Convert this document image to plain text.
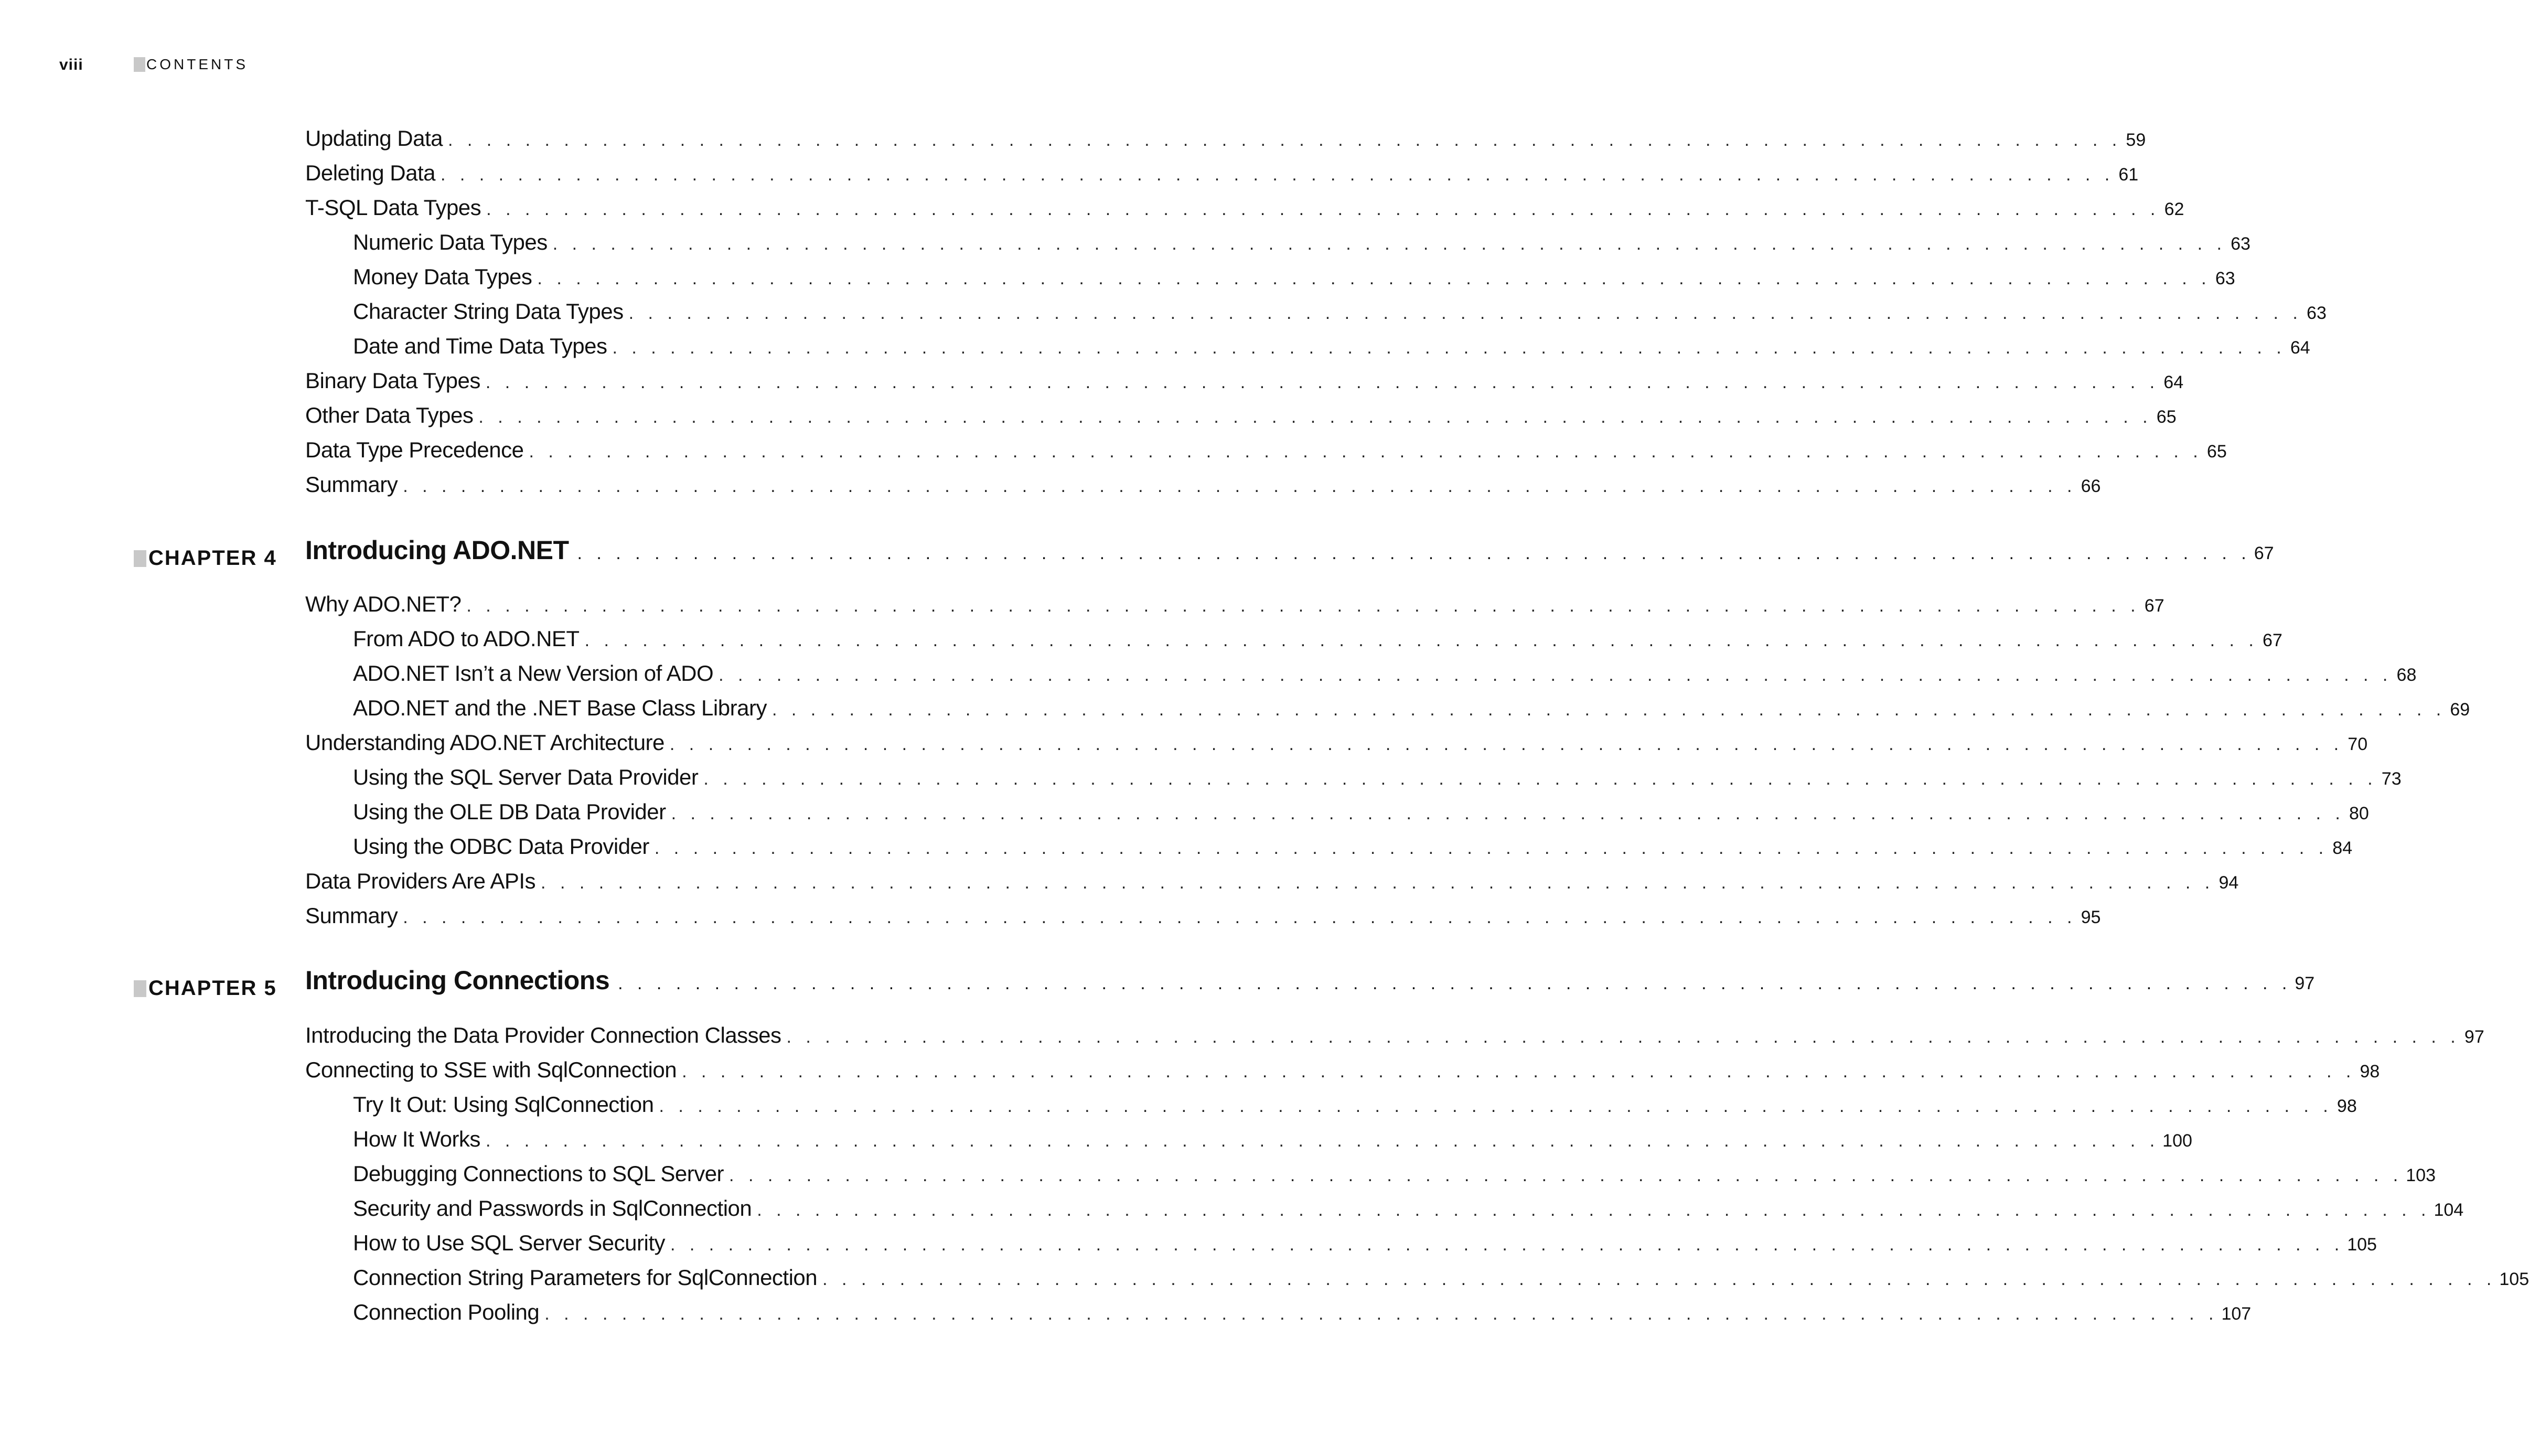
viii	CONTENTS
Updating Data . . . . . . . . . . . . . . . . . . . . . . . . . . . . . . . . . . . . . . . . . . . . . . . . . . . . . . . . . . . . . . . . . . . . . . . . . . . . . . . . . . . . . . . 59
Deleting Data . . . . . . . . . . . . . . . . . . . . . . . . . . . . . . . . . . . . . . . . . . . . . . . . . . . . . . . . . . . . . . . . . . . . . . . . . . . . . . . . . . . . . . . 61
T-SQL Data Types . . . . . . . . . . . . . . . . . . . . . . . . . . . . . . . . . . . . . . . . . . . . . . . . . . . . . . . . . . . . . . . . . . . . . . . . . . . . . . . . . . . . . . . 62
Numeric Data Types . . . . . . . . . . . . . . . . . . . . . . . . . . . . . . . . . . . . . . . . . . . . . . . . . . . . . . . . . . . . . . . . . . . . . . . . . . . . . . . . . . . . . . . 63
Money Data Types . . . . . . . . . . . . . . . . . . . . . . . . . . . . . . . . . . . . . . . . . . . . . . . . . . . . . . . . . . . . . . . . . . . . . . . . . . . . . . . . . . . . . . . 63
Character String Data Types . . . . . . . . . . . . . . . . . . . . . . . . . . . . . . . . . . . . . . . . . . . . . . . . . . . . . . . . . . . . . . . . . . . . . . . . . . . . . . . . . . . . . . . 63
Date and Time Data Types . . . . . . . . . . . . . . . . . . . . . . . . . . . . . . . . . . . . . . . . . . . . . . . . . . . . . . . . . . . . . . . . . . . . . . . . . . . . . . . . . . . . . . . 64
Binary Data Types . . . . . . . . . . . . . . . . . . . . . . . . . . . . . . . . . . . . . . . . . . . . . . . . . . . . . . . . . . . . . . . . . . . . . . . . . . . . . . . . . . . . . . . 64
Other Data Types . . . . . . . . . . . . . . . . . . . . . . . . . . . . . . . . . . . . . . . . . . . . . . . . . . . . . . . . . . . . . . . . . . . . . . . . . . . . . . . . . . . . . . . 65
Data Type Precedence . . . . . . . . . . . . . . . . . . . . . . . . . . . . . . . . . . . . . . . . . . . . . . . . . . . . . . . . . . . . . . . . . . . . . . . . . . . . . . . . . . . . . . . 65
Summary . . . . . . . . . . . . . . . . . . . . . . . . . . . . . . . . . . . . . . . . . . . . . . . . . . . . . . . . . . . . . . . . . . . . . . . . . . . . . . . . . . . . . . . 66
CHAPTER 4 Introducing ADO.NET . . . . . . . . . . . . . . . . . . . . . . . . . . . . . . . . . . . . . . . . . . . . . . . . . . . . . . . . . . . . . . . . . . . . . . . . . . . . . . . . . . . . . . . 67
Why ADO.NET? . . . . . . . . . . . . . . . . . . . . . . . . . . . . . . . . . . . . . . . . . . . . . . . . . . . . . . . . . . . . . . . . . . . . . . . . . . . . . . . . . . . . . . . 67
From ADO to ADO.NET . . . . . . . . . . . . . . . . . . . . . . . . . . . . . . . . . . . . . . . . . . . . . . . . . . . . . . . . . . . . . . . . . . . . . . . . . . . . . . . . . . . . . . . 67
ADO.NET Isn’t a New Version of ADO . . . . . . . . . . . . . . . . . . . . . . . . . . . . . . . . . . . . . . . . . . . . . . . . . . . . . . . . . . . . . . . . . . . . . . . . . . . . . . . . . . . . . . . 68
ADO.NET and the .NET Base Class Library . . . . . . . . . . . . . . . . . . . . . . . . . . . . . . . . . . . . . . . . . . . . . . . . . . . . . . . . . . . . . . . . . . . . . . . . . . . . . . . . . . . . . . . 69
Understanding ADO.NET Architecture . . . . . . . . . . . . . . . . . . . . . . . . . . . . . . . . . . . . . . . . . . . . . . . . . . . . . . . . . . . . . . . . . . . . . . . . . . . . . . . . . . . . . . . 70
Using the SQL Server Data Provider . . . . . . . . . . . . . . . . . . . . . . . . . . . . . . . . . . . . . . . . . . . . . . . . . . . . . . . . . . . . . . . . . . . . . . . . . . . . . . . . . . . . . . . 73
Using the OLE DB Data Provider . . . . . . . . . . . . . . . . . . . . . . . . . . . . . . . . . . . . . . . . . . . . . . . . . . . . . . . . . . . . . . . . . . . . . . . . . . . . . . . . . . . . . . . 80
Using the ODBC Data Provider . . . . . . . . . . . . . . . . . . . . . . . . . . . . . . . . . . . . . . . . . . . . . . . . . . . . . . . . . . . . . . . . . . . . . . . . . . . . . . . . . . . . . . . 84
Data Providers Are APIs . . . . . . . . . . . . . . . . . . . . . . . . . . . . . . . . . . . . . . . . . . . . . . . . . . . . . . . . . . . . . . . . . . . . . . . . . . . . . . . . . . . . . . . 94
Summary . . . . . . . . . . . . . . . . . . . . . . . . . . . . . . . . . . . . . . . . . . . . . . . . . . . . . . . . . . . . . . . . . . . . . . . . . . . . . . . . . . . . . . . 95
CHAPTER 5 Introducing Connections . . . . . . . . . . . . . . . . . . . . . . . . . . . . . . . . . . . . . . . . . . . . . . . . . . . . . . . . . . . . . . . . . . . . . . . . . . . . . . . . . . . . . . . 97
Introducing the Data Provider Connection Classes . . . . . . . . . . . . . . . . . . . . . . . . . . . . . . . . . . . . . . . . . . . . . . . . . . . . . . . . . . . . . . . . . . . . . . . . . . . . . . . . . . . . . . . 97
Connecting to SSE with SqlConnection . . . . . . . . . . . . . . . . . . . . . . . . . . . . . . . . . . . . . . . . . . . . . . . . . . . . . . . . . . . . . . . . . . . . . . . . . . . . . . . . . . . . . . . 98
Try It Out: Using SqlConnection . . . . . . . . . . . . . . . . . . . . . . . . . . . . . . . . . . . . . . . . . . . . . . . . . . . . . . . . . . . . . . . . . . . . . . . . . . . . . . . . . . . . . . . 98
How It Works . . . . . . . . . . . . . . . . . . . . . . . . . . . . . . . . . . . . . . . . . . . . . . . . . . . . . . . . . . . . . . . . . . . . . . . . . . . . . . . . . . . . . . . 100
Debugging Connections to SQL Server . . . . . . . . . . . . . . . . . . . . . . . . . . . . . . . . . . . . . . . . . . . . . . . . . . . . . . . . . . . . . . . . . . . . . . . . . . . . . . . . . . . . . . . 103
Security and Passwords in SqlConnection . . . . . . . . . . . . . . . . . . . . . . . . . . . . . . . . . . . . . . . . . . . . . . . . . . . . . . . . . . . . . . . . . . . . . . . . . . . . . . . . . . . . . . . 104
How to Use SQL Server Security . . . . . . . . . . . . . . . . . . . . . . . . . . . . . . . . . . . . . . . . . . . . . . . . . . . . . . . . . . . . . . . . . . . . . . . . . . . . . . . . . . . . . . . 105
Connection String Parameters for SqlConnection . . . . . . . . . . . . . . . . . . . . . . . . . . . . . . . . . . . . . . . . . . . . . . . . . . . . . . . . . . . . . . . . . . . . . . . . . . . . . . . . . . . . . . . 105
Connection Pooling . . . . . . . . . . . . . . . . . . . . . . . . . . . . . . . . . . . . . . . . . . . . . . . . . . . . . . . . . . . . . . . . . . . . . . . . . . . . . . . . . . . . . . . 107
